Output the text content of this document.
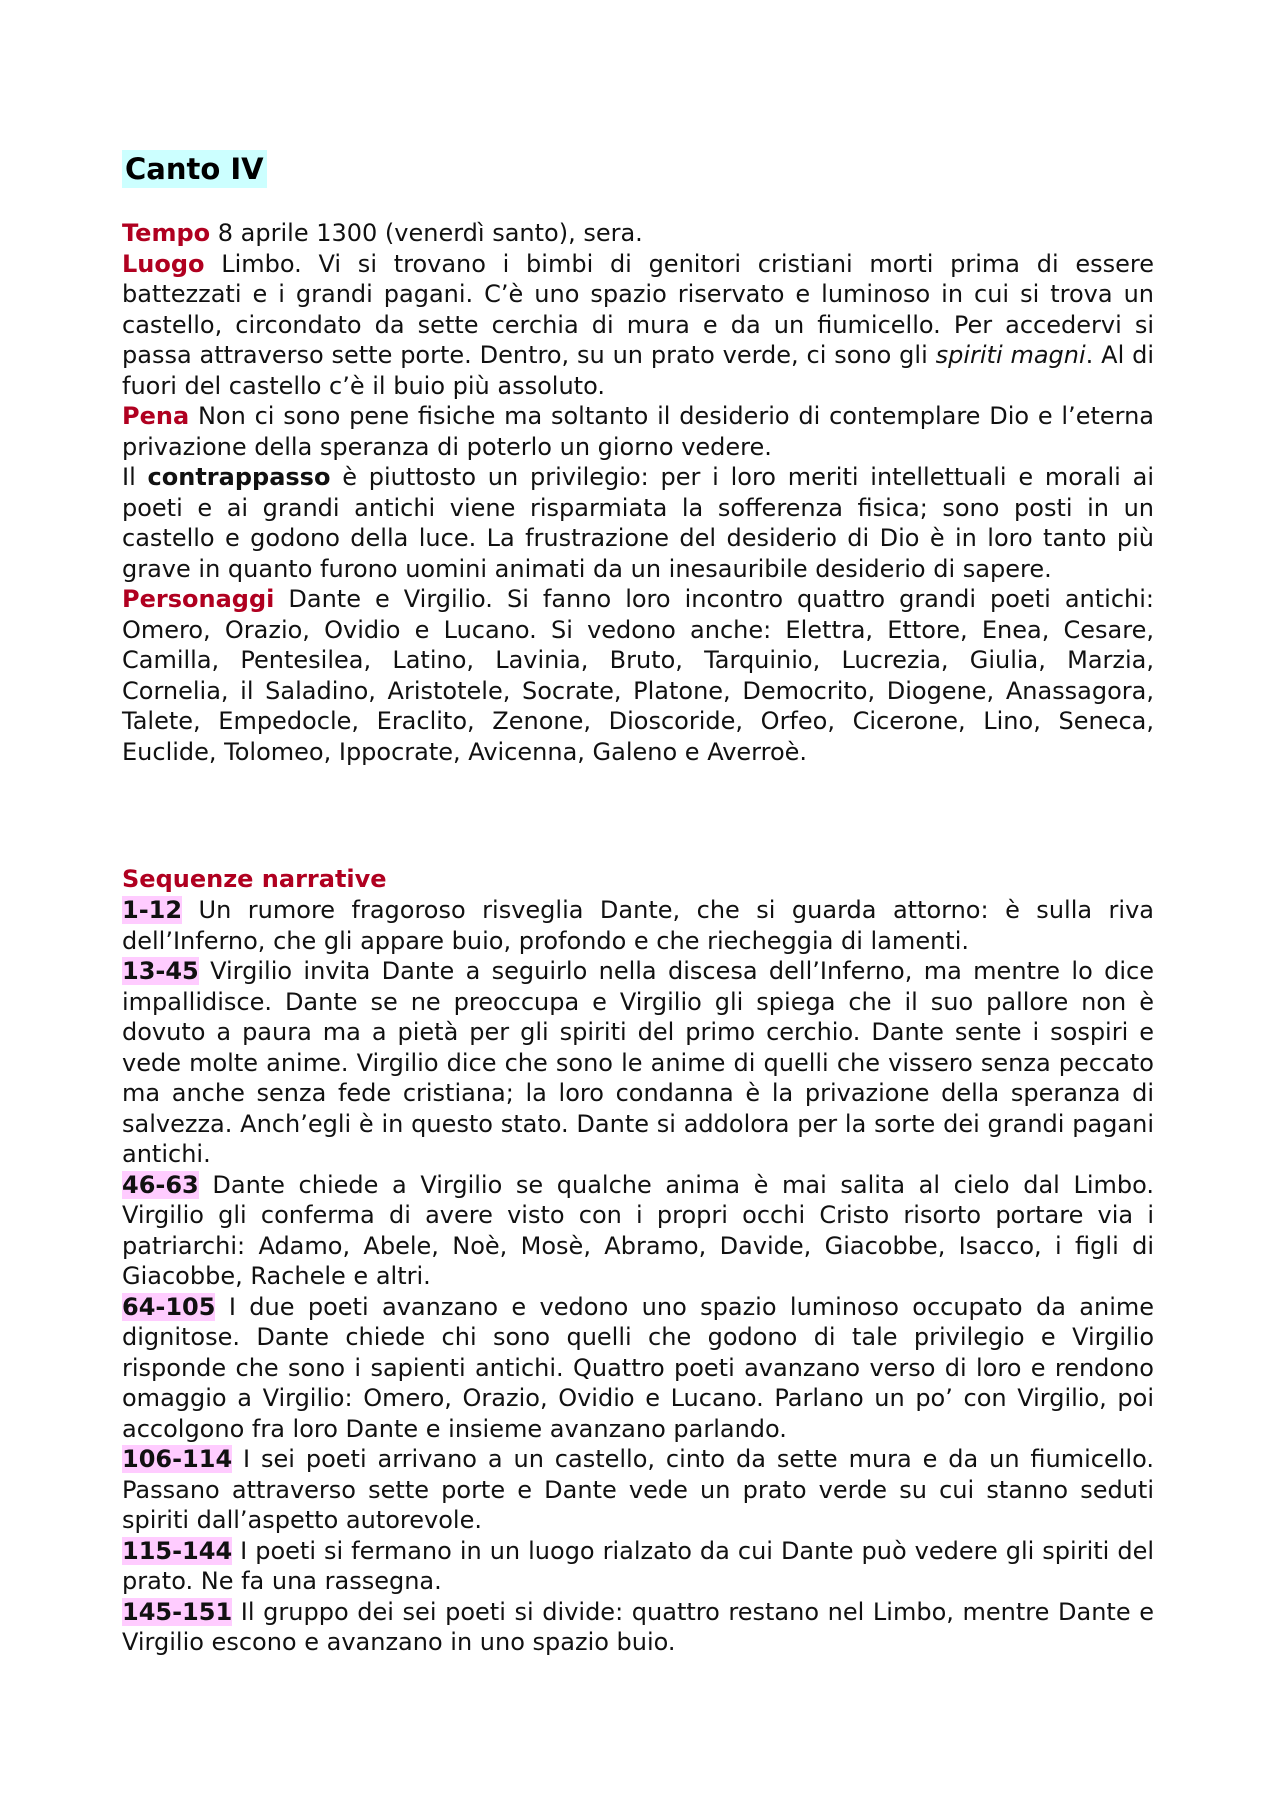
Canto IV

Tempo 8 aprile 1300 (venerdì santo), sera.

Luogo Limbo. Vi si trovano i bimbi di genitori cristiani morti prima di essere battezzati e i grandi pagani. C’è uno spazio riservato e luminoso in cui si trova un castello, circondato da sette cerchia di mura e da un fiumicello. Per accedervi si passa attraverso sette porte. Dentro, su un prato verde, ci sono gli spiriti magni. Al di fuori del castello c’è il buio più assoluto.

Pena Non ci sono pene fisiche ma soltanto il desiderio di contemplare Dio e l’eterna privazione della speranza di poterlo un giorno vedere.

Il contrappasso è piuttosto un privilegio: per i loro meriti intellettuali e morali ai poeti e ai grandi antichi viene risparmiata la sofferenza fisica; sono posti in un castello e godono della luce. La frustrazione del desiderio di Dio è in loro tanto più grave in quanto furono uomini animati da un inesauribile desiderio di sapere.

Personaggi Dante e Virgilio. Si fanno loro incontro quattro grandi poeti antichi: Omero, Orazio, Ovidio e Lucano. Si vedono anche: Elettra, Ettore, Enea, Cesare, Camilla, Pentesilea, Latino, Lavinia, Bruto, Tarquinio, Lucrezia, Giulia, Marzia, Cornelia, il Saladino, Aristotele, Socrate, Platone, Democrito, Diogene, Anassagora, Talete, Empedocle, Eraclito, Zenone, Dioscoride, Orfeo, Cicerone, Lino, Seneca, Euclide, Tolomeo, Ippocrate, Avicenna, Galeno e Averroè.

Sequenze narrative

1-12 Un rumore fragoroso risveglia Dante, che si guarda attorno: è sulla riva dell’Inferno, che gli appare buio, profondo e che riecheggia di lamenti.

13-45 Virgilio invita Dante a seguirlo nella discesa dell’Inferno, ma mentre lo dice impallidisce. Dante se ne preoccupa e Virgilio gli spiega che il suo pallore non è dovuto a paura ma a pietà per gli spiriti del primo cerchio. Dante sente i sospiri e vede molte anime. Virgilio dice che sono le anime di quelli che vissero senza peccato ma anche senza fede cristiana; la loro condanna è la privazione della speranza di salvezza. Anch’egli è in questo stato. Dante si addolora per la sorte dei grandi pagani antichi.

46-63 Dante chiede a Virgilio se qualche anima è mai salita al cielo dal Limbo. Virgilio gli conferma di avere visto con i propri occhi Cristo risorto portare via i patriarchi: Adamo, Abele, Noè, Mosè, Abramo, Davide, Giacobbe, Isacco, i figli di Giacobbe, Rachele e altri.

64-105 I due poeti avanzano e vedono uno spazio luminoso occupato da anime dignitose. Dante chiede chi sono quelli che godono di tale privilegio e Virgilio risponde che sono i sapienti antichi. Quattro poeti avanzano verso di loro e rendono omaggio a Virgilio: Omero, Orazio, Ovidio e Lucano. Parlano un po’ con Virgilio, poi accolgono fra loro Dante e insieme avanzano parlando.

106-114 I sei poeti arrivano a un castello, cinto da sette mura e da un fiumicello. Passano attraverso sette porte e Dante vede un prato verde su cui stanno seduti spiriti dall’aspetto autorevole.

115-144 I poeti si fermano in un luogo rialzato da cui Dante può vedere gli spiriti del prato. Ne fa una rassegna.

145-151 Il gruppo dei sei poeti si divide: quattro restano nel Limbo, mentre Dante e Virgilio escono e avanzano in uno spazio buio.
